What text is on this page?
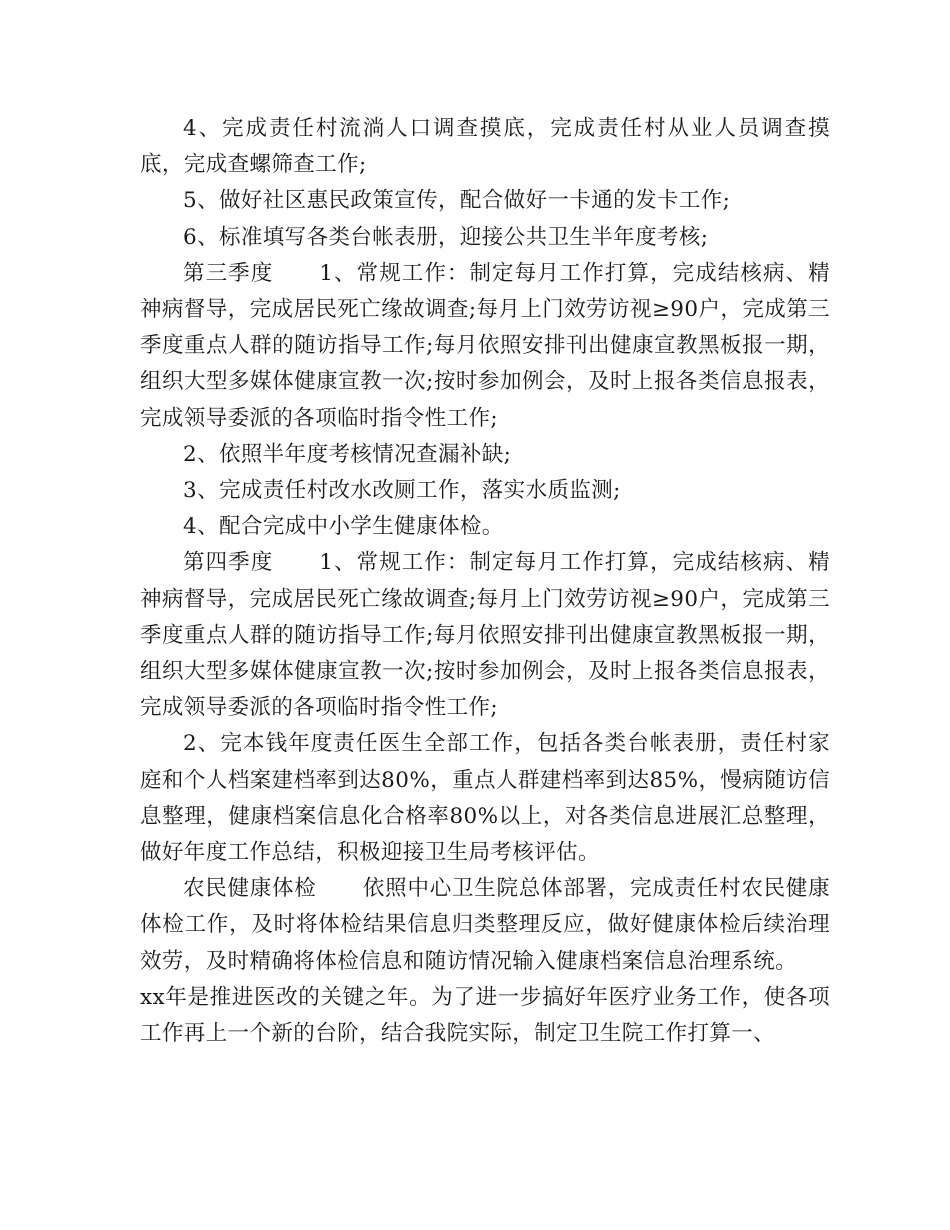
4、完成责任村流淌人口调查摸底，完成责任村从业人员调查摸底，完成查螺筛查工作;

5、做好社区惠民政策宣传，配合做好一卡通的发卡工作;

6、标准填写各类台帐表册，迎接公共卫生半年度考核;

第三季度 1、常规工作：制定每月工作打算，完成结核病、精神病督导，完成居民死亡缘故调查;每月上门效劳访视≥90户，完成第三季度重点人群的随访指导工作;每月依照安排刊出健康宣教黑板报一期，组织大型多媒体健康宣教一次;按时参加例会，及时上报各类信息报表，完成领导委派的各项临时指令性工作;

2、依照半年度考核情况查漏补缺;

3、完成责任村改水改厕工作，落实水质监测;

4、配合完成中小学生健康体检。

第四季度 1、常规工作：制定每月工作打算，完成结核病、精神病督导，完成居民死亡缘故调查;每月上门效劳访视≥90户，完成第三季度重点人群的随访指导工作;每月依照安排刊出健康宣教黑板报一期，组织大型多媒体健康宣教一次;按时参加例会，及时上报各类信息报表，完成领导委派的各项临时指令性工作;

2、完本钱年度责任医生全部工作，包括各类台帐表册，责任村家庭和个人档案建档率到达80%，重点人群建档率到达85%，慢病随访信息整理，健康档案信息化合格率80%以上，对各类信息进展汇总整理，做好年度工作总结，积极迎接卫生局考核评估。

农民健康体检 依照中心卫生院总体部署，完成责任村农民健康体检工作，及时将体检结果信息归类整理反应，做好健康体检后续治理效劳，及时精确将体检信息和随访情况输入健康档案信息治理系统。

xx年是推进医改的关键之年。为了进一步搞好年医疗业务工作，使各项工作再上一个新的台阶，结合我院实际，制定卫生院工作打算一、
